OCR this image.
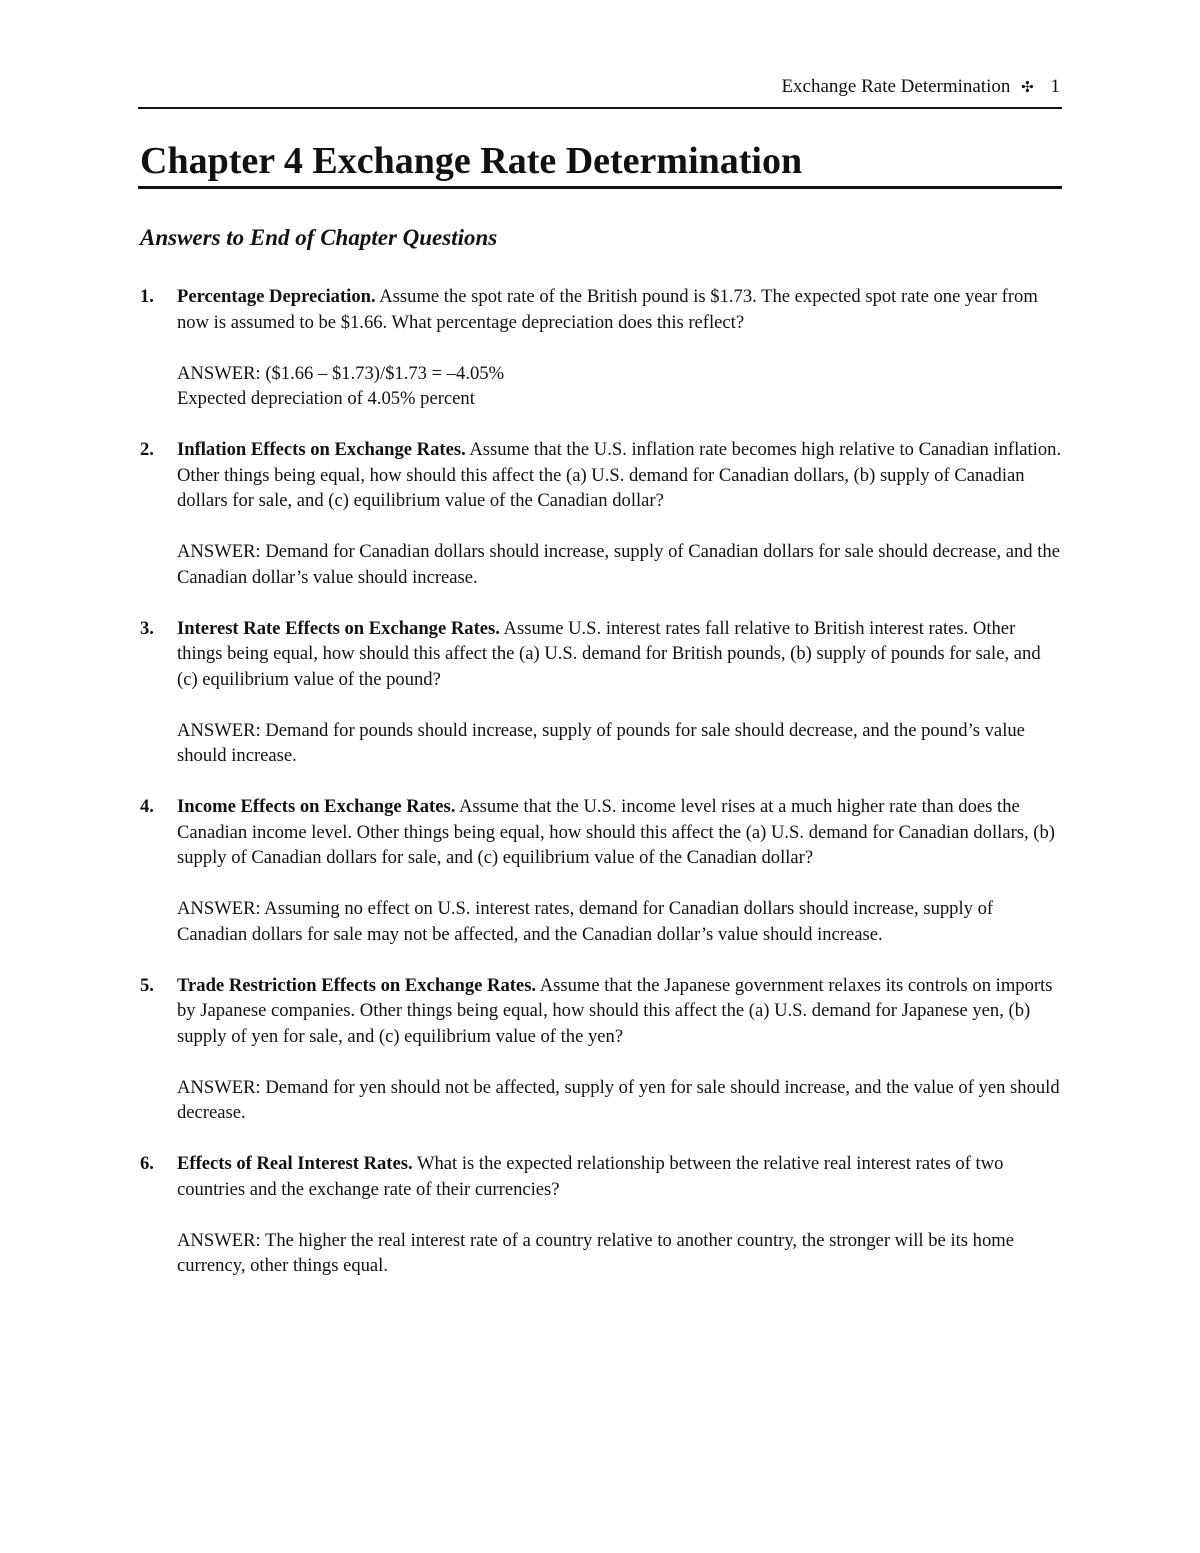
Exchange Rate Determination ✣ 1
Chapter 4 Exchange Rate Determination
Answers to End of Chapter Questions
1. Percentage Depreciation. Assume the spot rate of the British pound is $1.73. The expected spot rate one year from now is assumed to be $1.66. What percentage depreciation does this reflect?

ANSWER: ($1.66 – $1.73)/$1.73 = –4.05%
Expected depreciation of 4.05% percent
2. Inflation Effects on Exchange Rates. Assume that the U.S. inflation rate becomes high relative to Canadian inflation. Other things being equal, how should this affect the (a) U.S. demand for Canadian dollars, (b) supply of Canadian dollars for sale, and (c) equilibrium value of the Canadian dollar?

ANSWER: Demand for Canadian dollars should increase, supply of Canadian dollars for sale should decrease, and the Canadian dollar’s value should increase.
3. Interest Rate Effects on Exchange Rates. Assume U.S. interest rates fall relative to British interest rates. Other things being equal, how should this affect the (a) U.S. demand for British pounds, (b) supply of pounds for sale, and (c) equilibrium value of the pound?

ANSWER: Demand for pounds should increase, supply of pounds for sale should decrease, and the pound’s value should increase.
4. Income Effects on Exchange Rates. Assume that the U.S. income level rises at a much higher rate than does the Canadian income level. Other things being equal, how should this affect the (a) U.S. demand for Canadian dollars, (b) supply of Canadian dollars for sale, and (c) equilibrium value of the Canadian dollar?

ANSWER: Assuming no effect on U.S. interest rates, demand for Canadian dollars should increase, supply of Canadian dollars for sale may not be affected, and the Canadian dollar’s value should increase.
5. Trade Restriction Effects on Exchange Rates. Assume that the Japanese government relaxes its controls on imports by Japanese companies. Other things being equal, how should this affect the (a) U.S. demand for Japanese yen, (b) supply of yen for sale, and (c) equilibrium value of the yen?

ANSWER: Demand for yen should not be affected, supply of yen for sale should increase, and the value of yen should decrease.
6. Effects of Real Interest Rates. What is the expected relationship between the relative real interest rates of two countries and the exchange rate of their currencies?

ANSWER: The higher the real interest rate of a country relative to another country, the stronger will be its home currency, other things equal.
